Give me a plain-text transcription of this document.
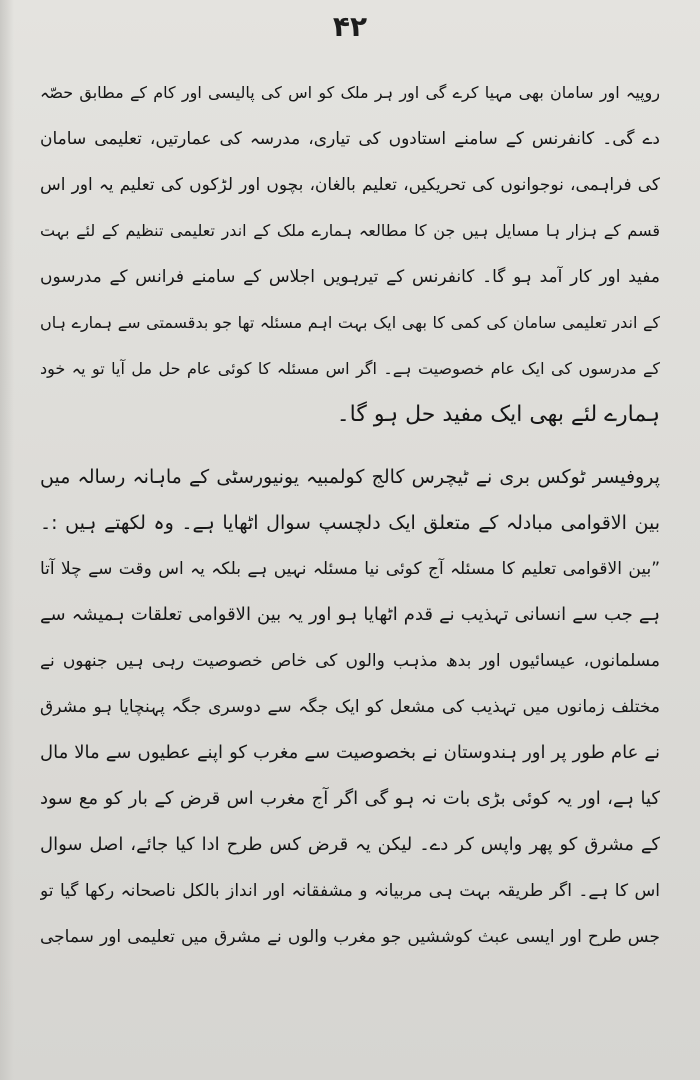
۴۲
روپیہ اور سامان بھی مہیا کرے گی اور ہر ملک کو اس کی پالیسی اور کام کے مطابق حصّہ
دے گی۔ کانفرنس کے سامنے استادوں کی تیاری، مدرسہ کی عمارتیں، تعلیمی سامان
کی فراہمی، نوجوانوں کی تحریکیں، تعلیم بالغان، بچوں اور لڑکوں کی تعلیم یہ اور اس
قسم کے ہزار ہا مسایل ہیں جن کا مطالعہ ہمارے ملک کے اندر تعلیمی تنظیم کے لئے بہت
مفید اور کار آمد ہو گا۔ کانفرنس کے تیرہویں اجلاس کے سامنے فرانس کے مدرسوں
کے اندر تعلیمی سامان کی کمی کا بھی ایک بہت اہم مسئلہ تھا جو بدقسمتی سے ہمارے ہاں
کے مدرسوں کی ایک عام خصوصیت ہے۔ اگر اس مسئلہ کا کوئی عام حل مل آیا تو یہ خود
ہمارے لئے بھی ایک مفید حل ہو گا۔
پروفیسر ٹوکس بری نے ٹیچرس کالج کولمبیہ یونیورسٹی کے ماہانہ رسالہ میں
بین الاقوامی مبادلہ کے متعلق ایک دلچسپ سوال اٹھایا ہے۔ وہ لکھتے ہیں :۔
”بین الاقوامی تعلیم کا مسئلہ آج کوئی نیا مسئلہ نہیں ہے بلکہ یہ اس وقت سے چلا آتا
ہے جب سے انسانی تہذیب نے قدم اٹھایا ہو اور یہ بین الاقوامی تعلقات ہمیشہ سے
مسلمانوں، عیسائیوں اور بدھ مذہب والوں کی خاص خصوصیت رہی ہیں جنھوں نے
مختلف زمانوں میں تہذیب کی مشعل کو ایک جگہ سے دوسری جگہ پہنچایا ہو مشرق
نے عام طور پر اور ہندوستان نے بخصوصیت سے مغرب کو اپنے عطیوں سے مالا مال
کیا ہے، اور یہ کوئی بڑی بات نہ ہو گی اگر آج مغرب اس قرض کے بار کو مع سود
کے مشرق کو پھر واپس کر دے۔ لیکن یہ قرض کس طرح ادا کیا جائے، اصل سوال
اس کا ہے۔ اگر طریقہ بہت ہی مربیانہ و مشفقانہ اور انداز بالکل ناصحانہ رکھا گیا تو
جس طرح اور ایسی عبث کوششیں جو مغرب والوں نے مشرق میں تعلیمی اور سماجی
